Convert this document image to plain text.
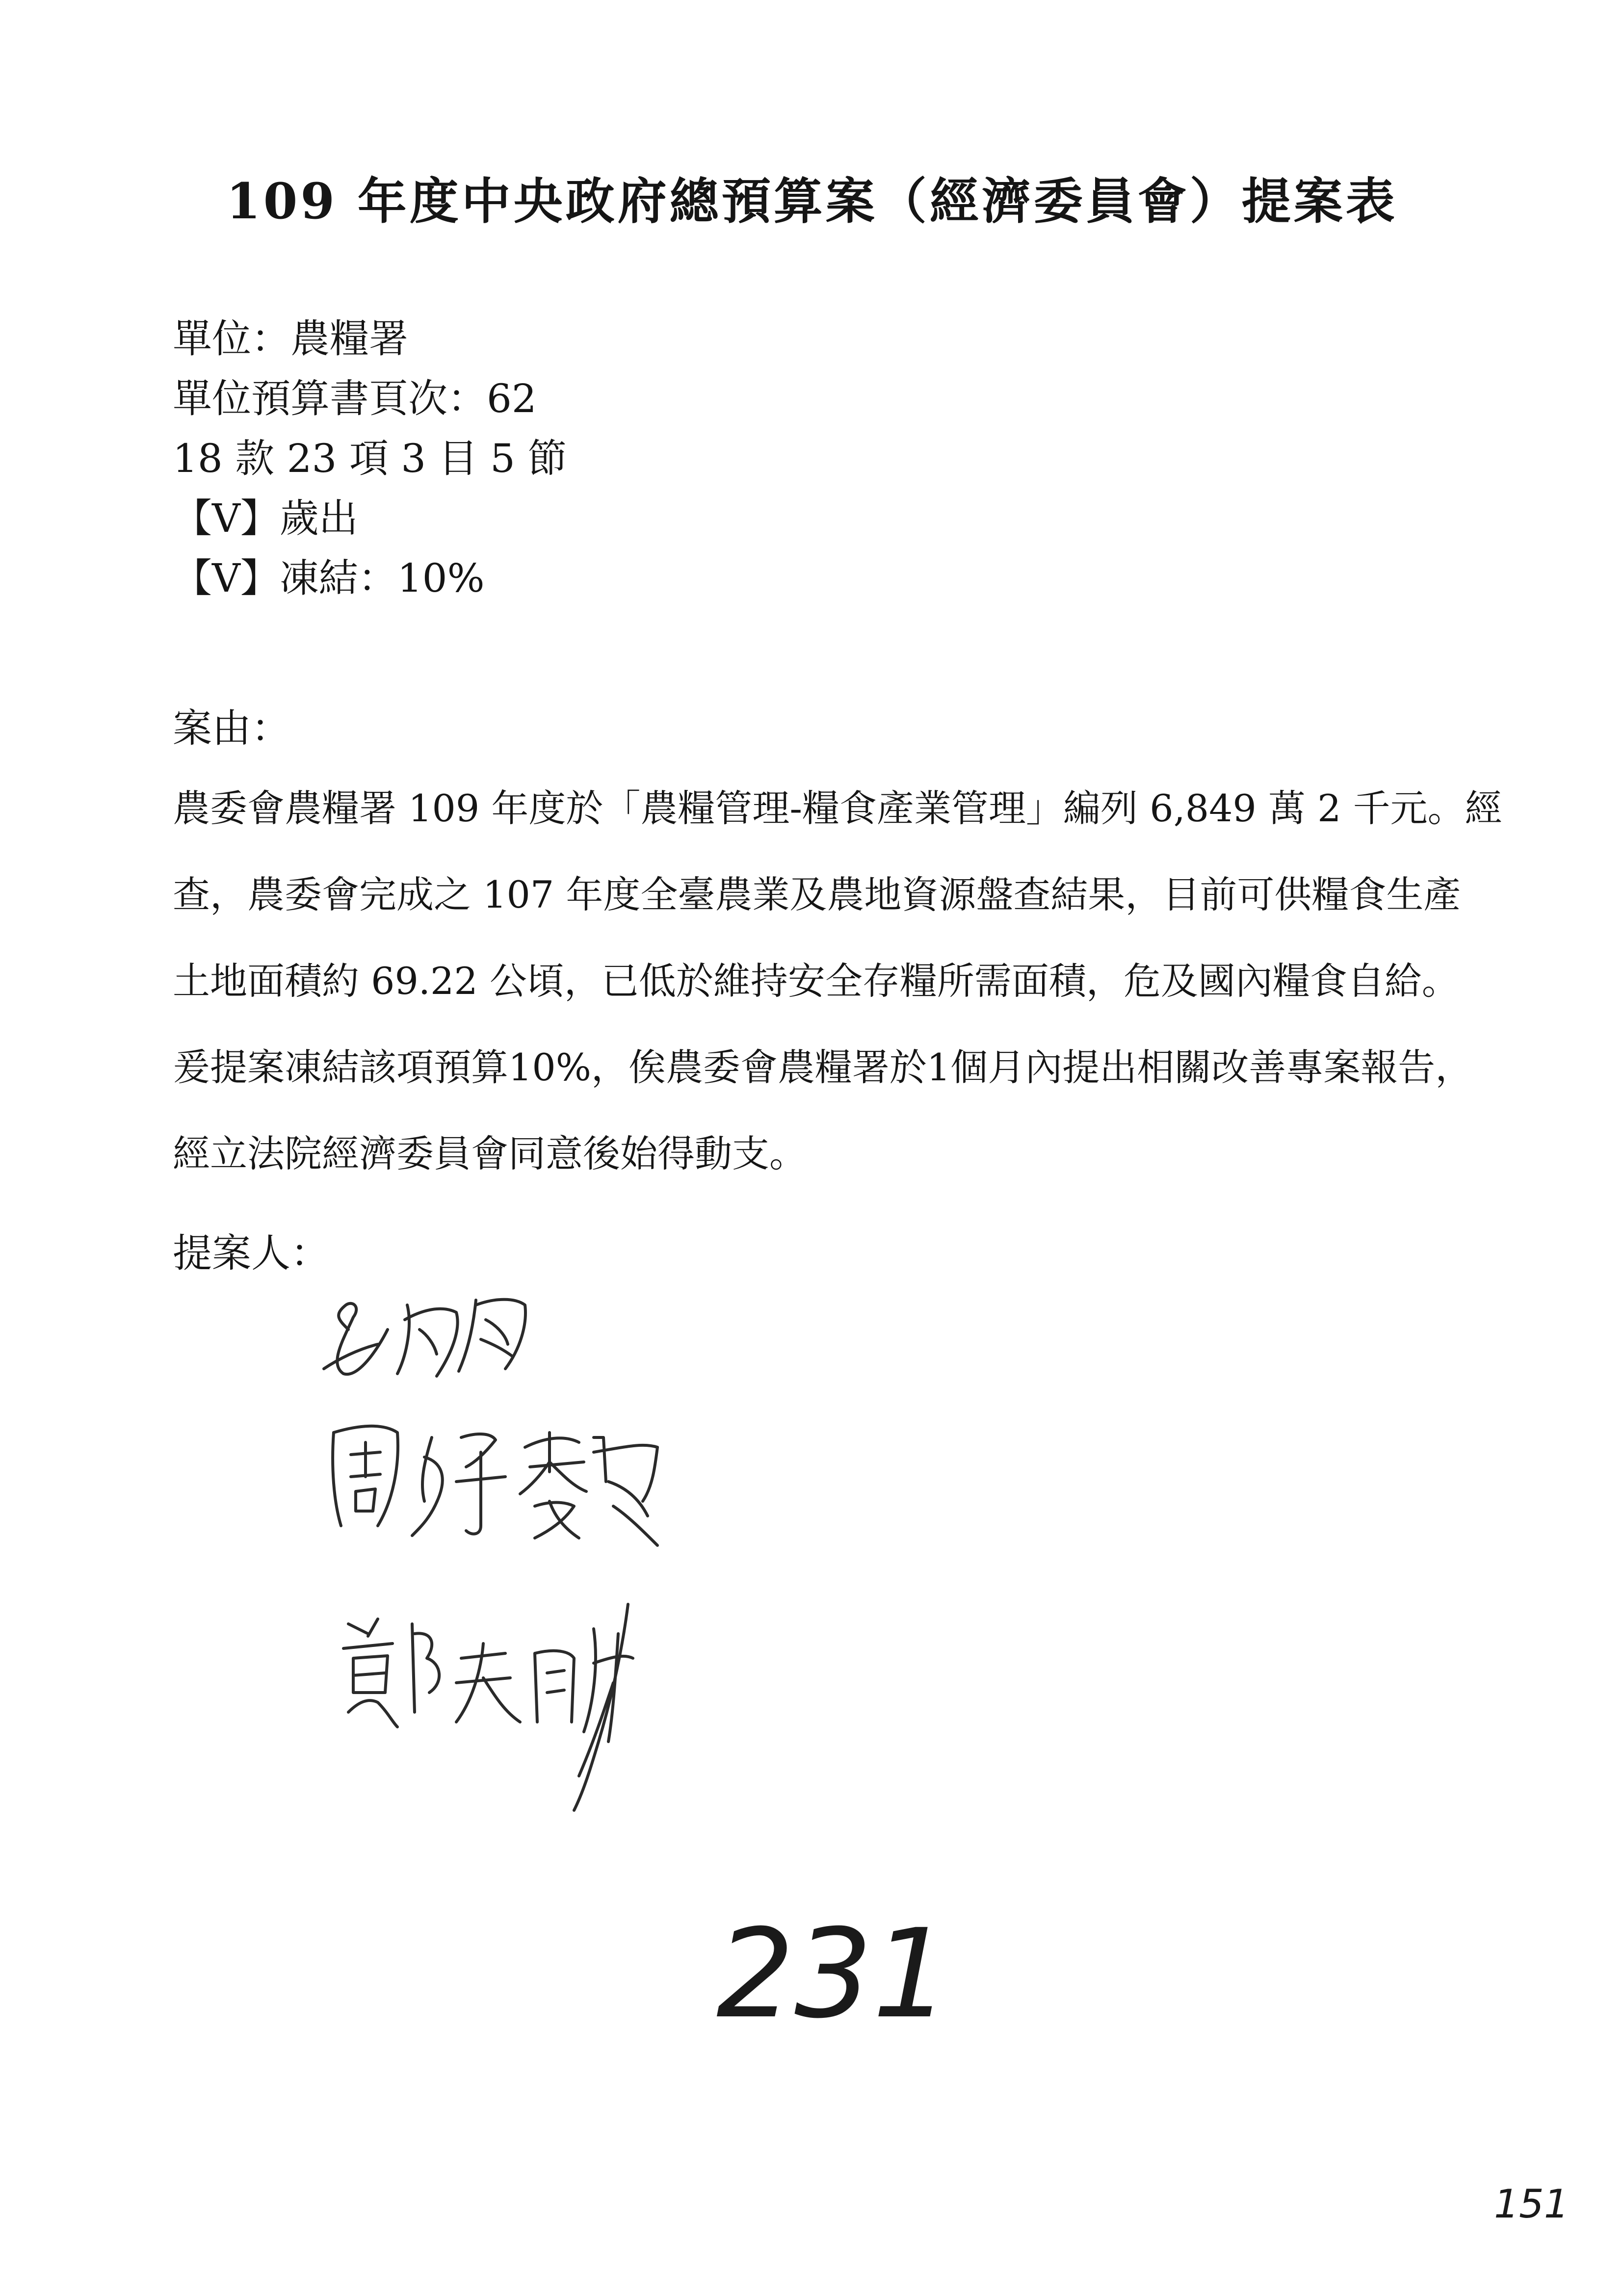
109 年度中央政府總預算案（經濟委員會）提案表
單位：農糧署
單位預算書頁次：62
18 款 23 項 3 目 5 節
【V】歲出
【V】凍結：10%
案由：
農委會農糧署 109 年度於「農糧管理-糧食產業管理」編列 6,849 萬 2 千元。經
查，農委會完成之 107 年度全臺農業及農地資源盤查結果，目前可供糧食生產
土地面積約 69.22 公頃，已低於維持安全存糧所需面積，危及國內糧食自給。
爰提案凍結該項預算10%，俟農委會農糧署於1個月內提出相關改善專案報告，
經立法院經濟委員會同意後始得動支。
提案人：
231
151
